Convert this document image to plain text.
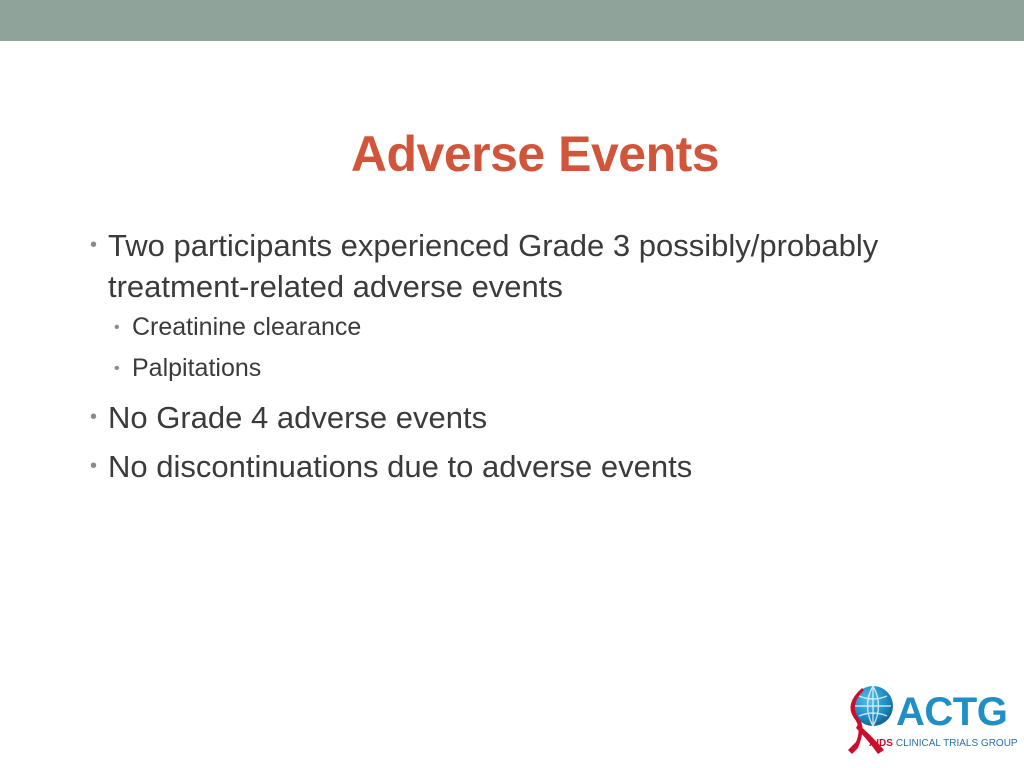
Adverse Events
• Two participants experienced Grade 3 possibly/probably treatment-related adverse events
• Creatinine clearance
• Palpitations
• No Grade 4 adverse events
• No discontinuations due to adverse events
ACTG
AIDS CLINICAL TRIALS GROUP
